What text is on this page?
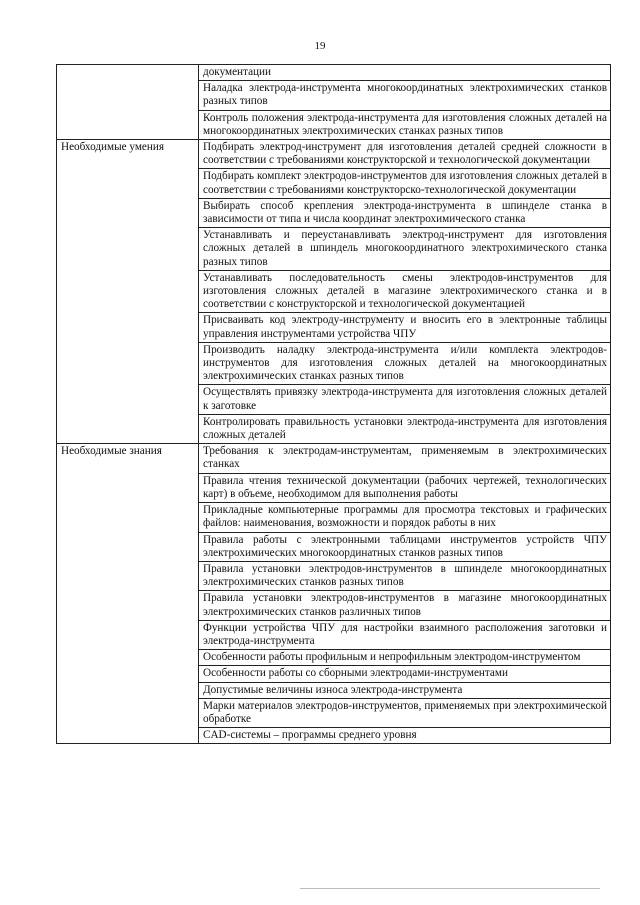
19
	документации
	Наладка электрода-инструмента многокоординатных электрохимических станков разных типов
	Контроль положения электрода-инструмента для изготовления сложных деталей на многокоординатных электрохимических станках разных типов
Необходимые умения	Подбирать электрод-инструмент для изготовления деталей средней сложности в соответствии с требованиями конструкторской и технологической документации
	Подбирать комплект электродов-инструментов для изготовления сложных деталей в соответствии с требованиями конструкторско-технологической документации
	Выбирать способ крепления электрода-инструмента в шпинделе станка в зависимости от типа и числа координат электрохимического станка
	Устанавливать и переустанавливать электрод-инструмент для изготовления сложных деталей в шпиндель многокоординатного электрохимического станка разных типов
	Устанавливать последовательность смены электродов-инструментов для изготовления сложных деталей в магазине электрохимического станка и в соответствии с конструкторской и технологической документацией
	Присваивать код электроду-инструменту и вносить его в электронные таблицы управления инструментами устройства ЧПУ
	Производить наладку электрода-инструмента и/или комплекта электродов-инструментов для изготовления сложных деталей на многокоординатных электрохимических станках разных типов
	Осуществлять привязку электрода-инструмента для изготовления сложных деталей к заготовке
	Контролировать правильность установки электрода-инструмента для изготовления сложных деталей
Необходимые знания	Требования к электродам-инструментам, применяемым в электрохимических станках
	Правила чтения технической документации (рабочих чертежей, технологических карт) в объеме, необходимом для выполнения работы
	Прикладные компьютерные программы для просмотра текстовых и графических файлов: наименования, возможности и порядок работы в них
	Правила работы с электронными таблицами инструментов устройств ЧПУ электрохимических многокоординатных станков разных типов
	Правила установки электродов-инструментов в шпинделе многокоординатных электрохимических станков разных типов
	Правила установки электродов-инструментов в магазине многокоординатных электрохимических станков различных типов
	Функции устройства ЧПУ для настройки взаимного расположения заготовки и электрода-инструмента
	Особенности работы профильным и непрофильным электродом-инструментом
	Особенности работы со сборными электродами-инструментами
	Допустимые величины износа электрода-инструмента
	Марки материалов электродов-инструментов, применяемых при электрохимической обработке
	CAD-системы – программы среднего уровня
